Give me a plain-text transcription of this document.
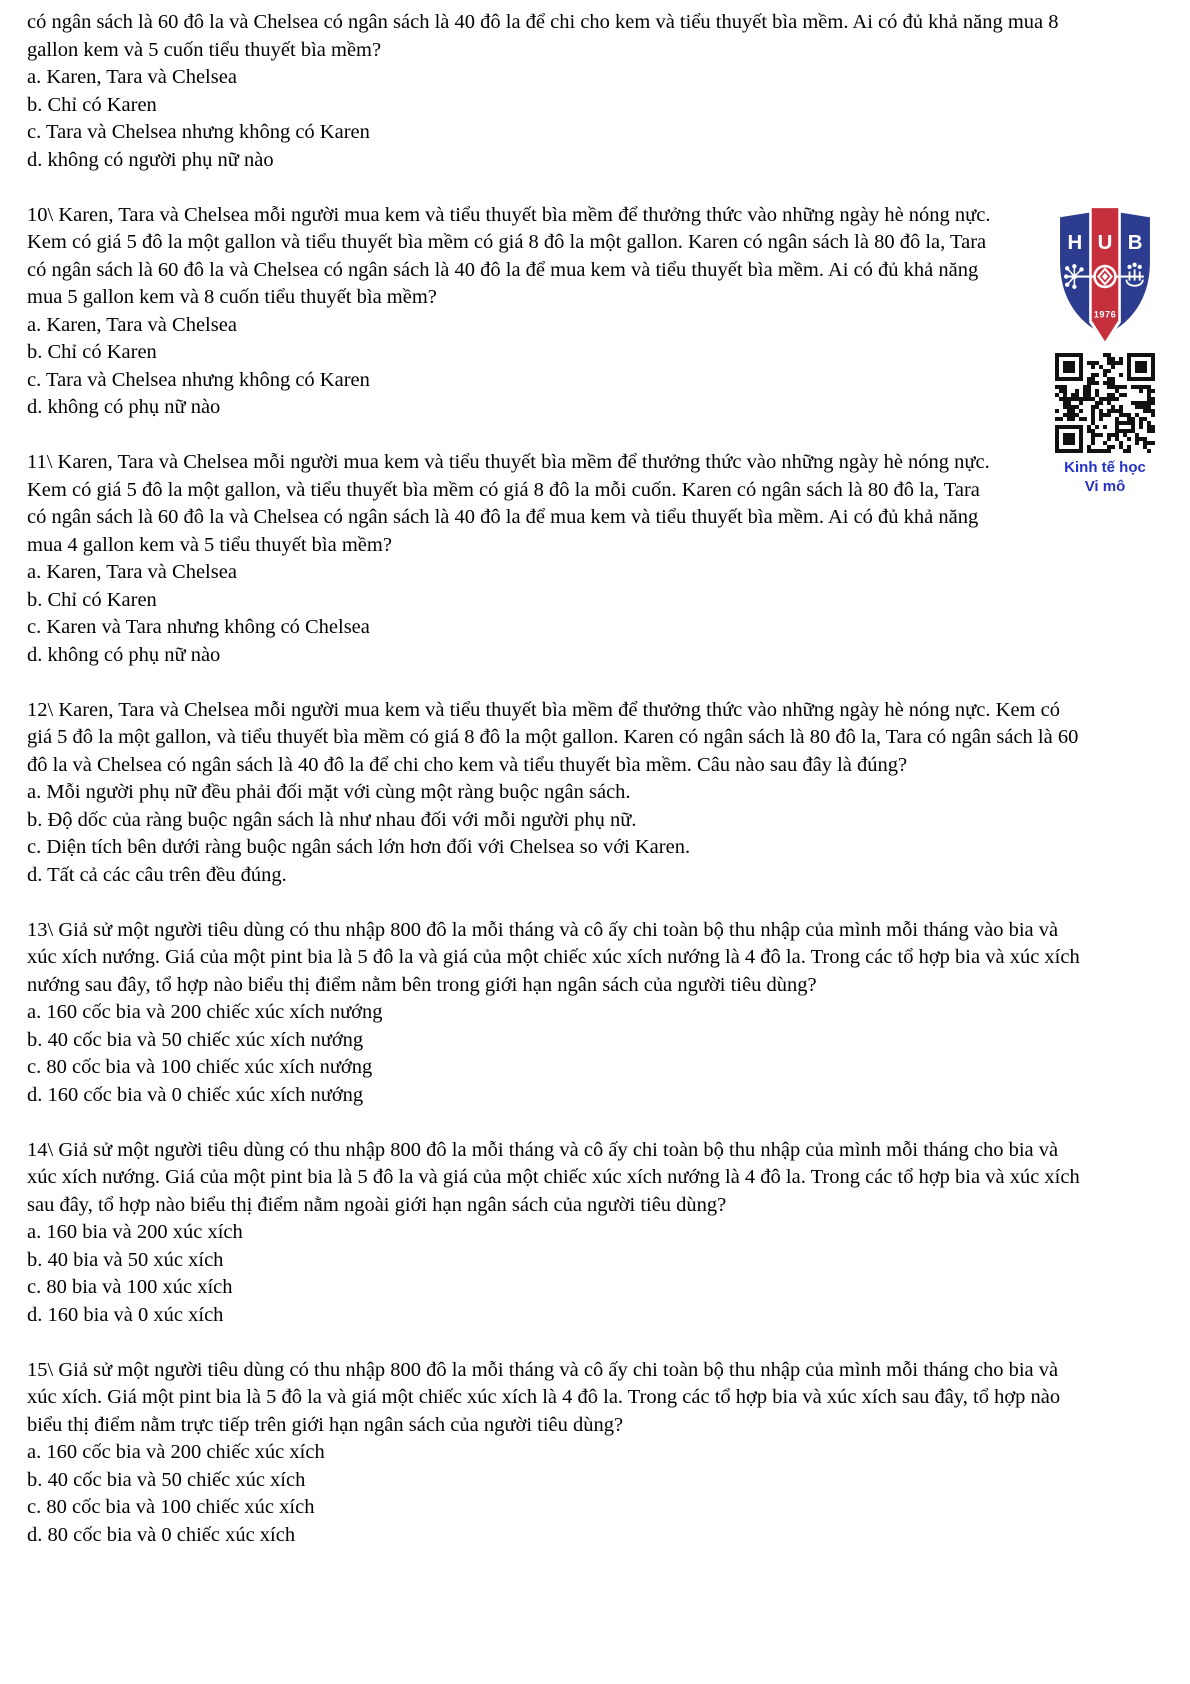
có ngân sách là 60 đô la và Chelsea có ngân sách là 40 đô la để chi cho kem và tiểu thuyết bìa mềm. Ai có đủ khả năng mua 8 gallon kem và 5 cuốn tiểu thuyết bìa mềm?

a. Karen, Tara và Chelsea

b. Chỉ có Karen

c. Tara và Chelsea nhưng không có Karen

d. không có người phụ nữ nào

10\ Karen, Tara và Chelsea mỗi người mua kem và tiểu thuyết bìa mềm để thưởng thức vào những ngày hè nóng nực. Kem có giá 5 đô la một gallon và tiểu thuyết bìa mềm có giá 8 đô la một gallon. Karen có ngân sách là 80 đô la, Tara có ngân sách là 60 đô la và Chelsea có ngân sách là 40 đô la để mua kem và tiểu thuyết bìa mềm. Ai có đủ khả năng mua 5 gallon kem và 8 cuốn tiểu thuyết bìa mềm?

a. Karen, Tara và Chelsea

b. Chỉ có Karen

c. Tara và Chelsea nhưng không có Karen

d. không có phụ nữ nào

11\ Karen, Tara và Chelsea mỗi người mua kem và tiểu thuyết bìa mềm để thưởng thức vào những ngày hè nóng nực. Kem có giá 5 đô la một gallon, và tiểu thuyết bìa mềm có giá 8 đô la mỗi cuốn. Karen có ngân sách là 80 đô la, Tara có ngân sách là 60 đô la và Chelsea có ngân sách là 40 đô la để mua kem và tiểu thuyết bìa mềm. Ai có đủ khả năng mua 4 gallon kem và 5 tiểu thuyết bìa mềm?

a. Karen, Tara và Chelsea

b. Chỉ có Karen

c. Karen và Tara nhưng không có Chelsea

d. không có phụ nữ nào

12\ Karen, Tara và Chelsea mỗi người mua kem và tiểu thuyết bìa mềm để thưởng thức vào những ngày hè nóng nực. Kem có giá 5 đô la một gallon, và tiểu thuyết bìa mềm có giá 8 đô la một gallon. Karen có ngân sách là 80 đô la, Tara có ngân sách là 60 đô la và Chelsea có ngân sách là 40 đô la để chi cho kem và tiểu thuyết bìa mềm. Câu nào sau đây là đúng?

a. Mỗi người phụ nữ đều phải đối mặt với cùng một ràng buộc ngân sách.

b. Độ dốc của ràng buộc ngân sách là như nhau đối với mỗi người phụ nữ.

c. Diện tích bên dưới ràng buộc ngân sách lớn hơn đối với Chelsea so với Karen.

d. Tất cả các câu trên đều đúng.

13\ Giả sử một người tiêu dùng có thu nhập 800 đô la mỗi tháng và cô ấy chi toàn bộ thu nhập của mình mỗi tháng vào bia và xúc xích nướng. Giá của một pint bia là 5 đô la và giá của một chiếc xúc xích nướng là 4 đô la. Trong các tổ hợp bia và xúc xích nướng sau đây, tổ hợp nào biểu thị điểm nằm bên trong giới hạn ngân sách của người tiêu dùng?

a. 160 cốc bia và 200 chiếc xúc xích nướng

b. 40 cốc bia và 50 chiếc xúc xích nướng

c. 80 cốc bia và 100 chiếc xúc xích nướng

d. 160 cốc bia và 0 chiếc xúc xích nướng

14\ Giả sử một người tiêu dùng có thu nhập 800 đô la mỗi tháng và cô ấy chi toàn bộ thu nhập của mình mỗi tháng cho bia và xúc xích nướng. Giá của một pint bia là 5 đô la và giá của một chiếc xúc xích nướng là 4 đô la. Trong các tổ hợp bia và xúc xích sau đây, tổ hợp nào biểu thị điểm nằm ngoài giới hạn ngân sách của người tiêu dùng?

a. 160 bia và 200 xúc xích

b. 40 bia và 50 xúc xích

c. 80 bia và 100 xúc xích

d. 160 bia và 0 xúc xích

15\ Giả sử một người tiêu dùng có thu nhập 800 đô la mỗi tháng và cô ấy chi toàn bộ thu nhập của mình mỗi tháng cho bia và xúc xích. Giá một pint bia là 5 đô la và giá một chiếc xúc xích là 4 đô la. Trong các tổ hợp bia và xúc xích sau đây, tổ hợp nào biểu thị điểm nằm trực tiếp trên giới hạn ngân sách của người tiêu dùng?

a. 160 cốc bia và 200 chiếc xúc xích

b. 40 cốc bia và 50 chiếc xúc xích

c. 80 cốc bia và 100 chiếc xúc xích

d. 80 cốc bia và 0 chiếc xúc xích

H U B
1976
Kinh tế học
Vi mô
